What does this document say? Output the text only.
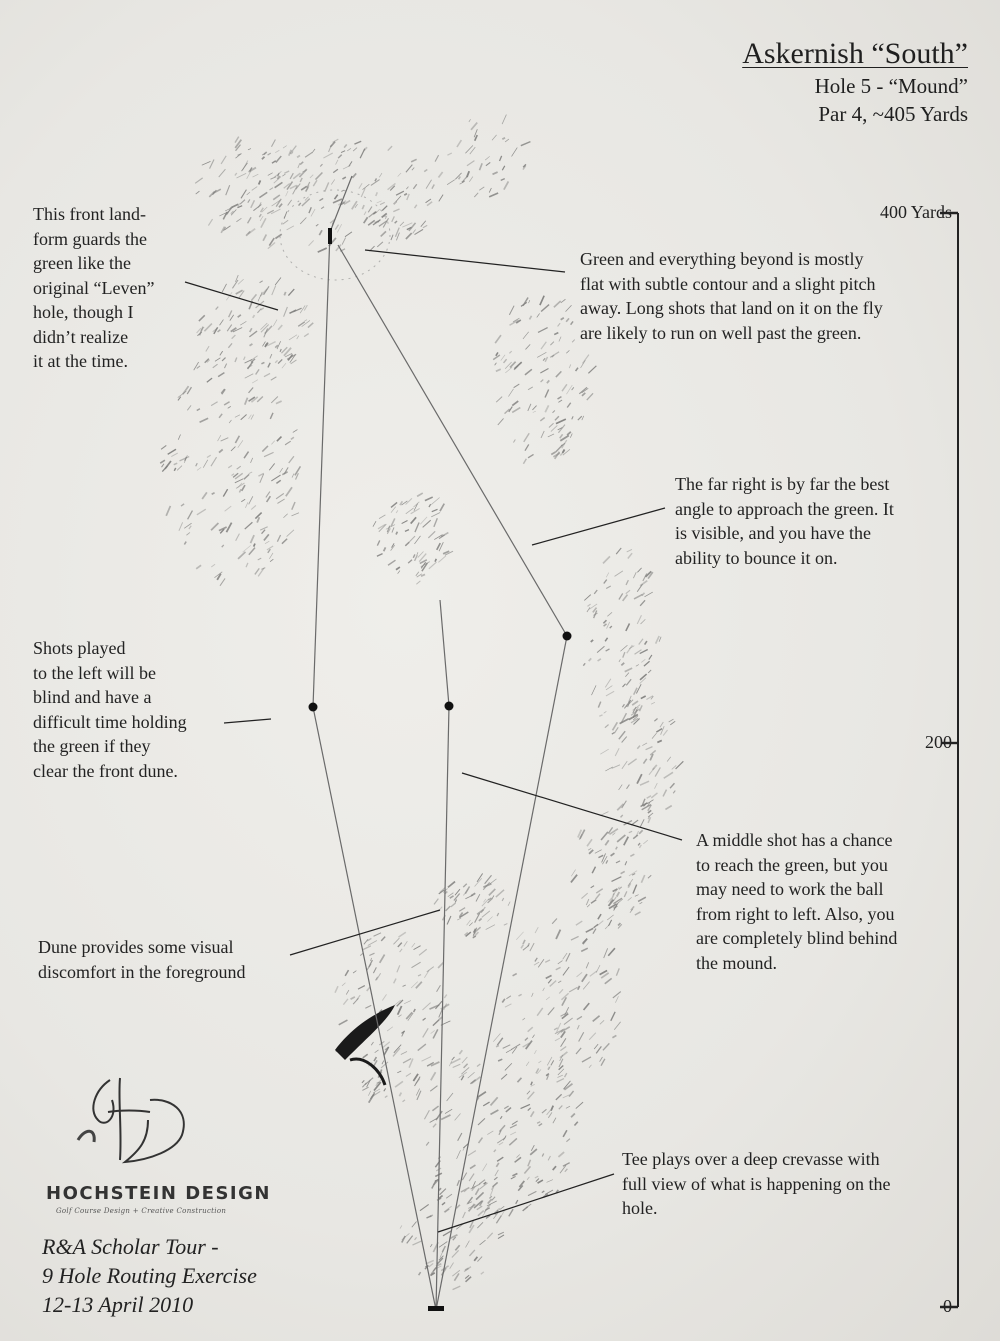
Askernish “South”
Hole 5 - “Mound”
Par 4, ~405 Yards
400 Yards
200
0
This front land-
form guards the
green like the
original “Leven”
hole, though I
didn’t realize
it at the time.
Green and everything beyond is mostly
flat with subtle contour and a slight pitch
away. Long shots that land on it on the fly
are likely to run on well past the green.
The far right is by far the best
angle to approach the green. It
is visible, and you have the
ability to bounce it on.
Shots played
to the left will be
blind and have a
difficult time holding
the green if they
clear the front dune.
A middle shot has a chance
to reach the green, but you
may need to work the ball
from right to left. Also, you
are completely blind behind
the mound.
Dune provides some visual
discomfort in the foreground
Tee plays over a deep crevasse with
full view of what is happening on the
hole.
HOCHSTEIN DESIGN
Golf Course Design + Creative Construction
R&A Scholar Tour -
9 Hole Routing Exercise
12-13 April 2010
